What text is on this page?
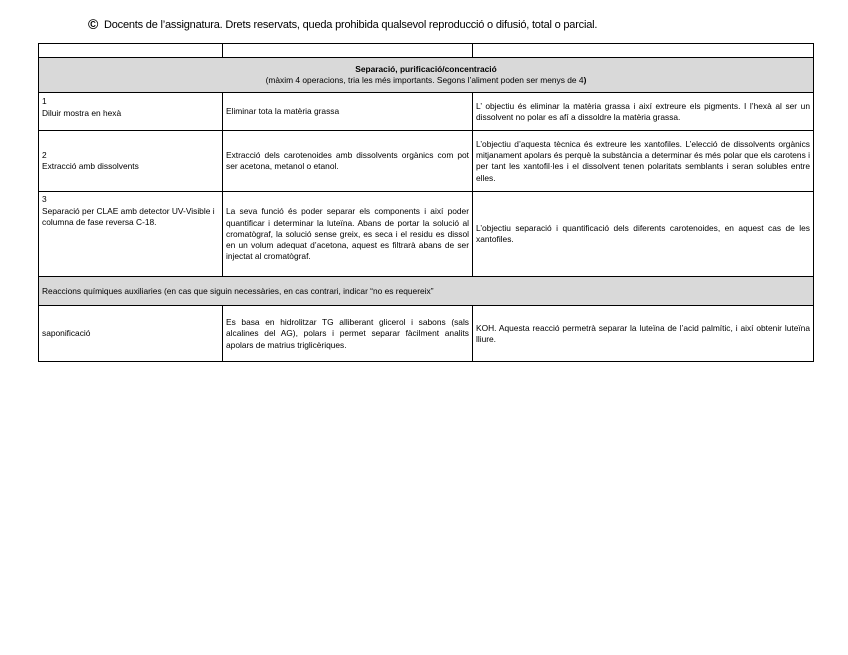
© Docents de l’assignatura. Drets reservats, queda prohibida qualsevol reproducció o difusió, total o parcial.

Separació, purificació/concentració
(màxim 4 operacions, tria les més importants. Segons l’aliment poden ser menys de 4)		

1
Diluir mostra en hexà	Eliminar tota la matèria grassa	L’ objectiu és eliminar la matèria grassa i així extreure els pigments. I l’hexà al ser un dissolvent no polar es afí a dissoldre la matèria grassa.

2
Extracció amb dissolvents	Extracció dels carotenoides amb dissolvents orgànics com pot ser acetona, metanol o etanol.	L’objectiu d’aquesta tècnica és extreure les xantofiles. L’elecció de dissolvents orgànics mitjanament apolars és perquè la substància a determinar és més polar que els carotens i per tant les xantofil·les i el dissolvent tenen polaritats semblants i seran solubles entre elles.

3
Separació per CLAE amb detector UV-Visible i columna de fase reversa C-18.	La seva funció és poder separar els components i així poder quantificar i determinar la luteïna. Abans de portar la solució al cromatògraf, la solució sense greix, es seca i el residu es dissol en un volum adequat d’acetona, aquest es filtrarà abans de ser injectat al cromatògraf.	L’objectiu separació i quantificació dels diferents carotenoides, en aquest cas de les xantofiles.
Reaccions químiques auxiliaries (en cas que siguin necessàries, en cas contrari, indicar “no es requereix”		
saponificació	Es basa en hidrolitzar TG alliberant glicerol i sabons (sals alcalines del AG), polars i permet separar fàcilment analits apolars de matrius triglicèriques.	KOH. Aquesta reacció permetrà separar la luteïna de l’acid palmític, i així obtenir luteïna lliure.
